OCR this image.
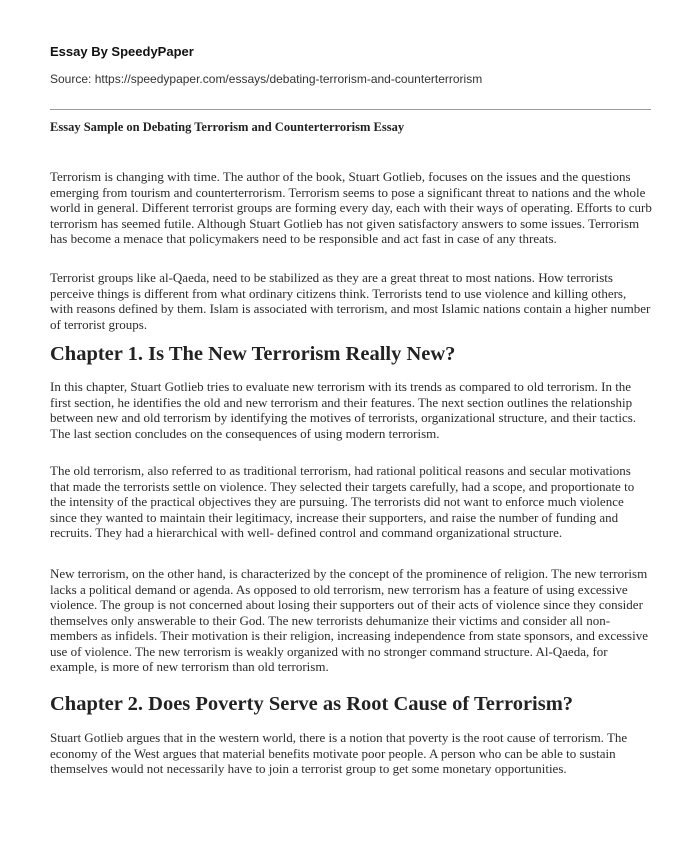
Essay By SpeedyPaper
Source: https://speedypaper.com/essays/debating-terrorism-and-counterterrorism
Essay Sample on Debating Terrorism and Counterterrorism Essay

Terrorism is changing with time. The author of the book, Stuart Gotlieb, focuses on the issues and the questions emerging from tourism and counterterrorism. Terrorism seems to pose a significant threat to nations and the whole world in general. Different terrorist groups are forming every day, each with their ways of operating. Efforts to curb terrorism has seemed futile. Although Stuart Gotlieb has not given satisfactory answers to some issues. Terrorism has become a menace that policymakers need to be responsible and act fast in case of any threats.

Terrorist groups like al-Qaeda, need to be stabilized as they are a great threat to most nations. How terrorists perceive things is different from what ordinary citizens think. Terrorists tend to use violence and killing others, with reasons defined by them. Islam is associated with terrorism, and most Islamic nations contain a higher number of terrorist groups.

Chapter 1. Is The New Terrorism Really New?

In this chapter, Stuart Gotlieb tries to evaluate new terrorism with its trends as compared to old terrorism. In the first section, he identifies the old and new terrorism and their features. The next section outlines the relationship between new and old terrorism by identifying the motives of terrorists, organizational structure, and their tactics. The last section concludes on the consequences of using modern terrorism.

The old terrorism, also referred to as traditional terrorism, had rational political reasons and secular motivations that made the terrorists settle on violence. They selected their targets carefully, had a scope, and proportionate to the intensity of the practical objectives they are pursuing. The terrorists did not want to enforce much violence since they wanted to maintain their legitimacy, increase their supporters, and raise the number of funding and recruits. They had a hierarchical with well- defined control and command organizational structure.

New terrorism, on the other hand, is characterized by the concept of the prominence of religion. The new terrorism lacks a political demand or agenda. As opposed to old terrorism, new terrorism has a feature of using excessive violence. The group is not concerned about losing their supporters out of their acts of violence since they consider themselves only answerable to their God. The new terrorists dehumanize their victims and consider all non-members as infidels. Their motivation is their religion, increasing independence from state sponsors, and excessive use of violence. The new terrorism is weakly organized with no stronger command structure. Al-Qaeda, for example, is more of new terrorism than old terrorism.

Chapter 2. Does Poverty Serve as Root Cause of Terrorism?

Stuart Gotlieb argues that in the western world, there is a notion that poverty is the root cause of terrorism. The economy of the West argues that material benefits motivate poor people. A person who can be able to sustain themselves would not necessarily have to join a terrorist group to get some monetary opportunities.
